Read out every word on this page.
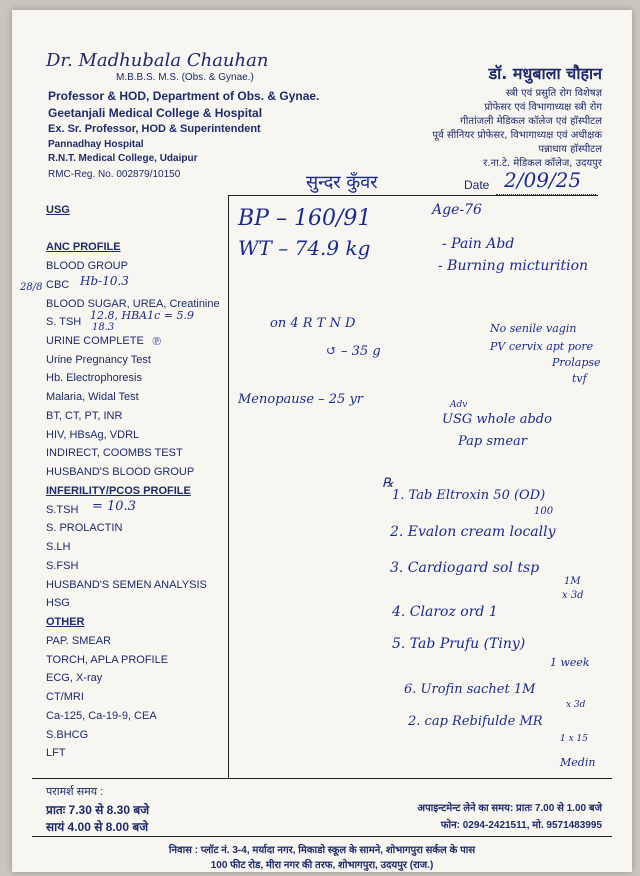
Dr. Madhubala Chauhan
M.B.B.S. M.S. (Obs. & Gynae.)
Professor & HOD, Department of Obs. & Gynae.
Geetanjali Medical College & Hospital
Ex. Sr. Professor, HOD & Superintendent
Pannadhay Hospital
R.N.T. Medical College, Udaipur
RMC-Reg. No. 002879/10150
डॉ. मधुबाला चौहान
स्त्री एवं प्रसुति रोग विशेषज्ञ
प्रोफेसर एवं विभागाध्यक्ष स्त्री रोग
गीतांजली मेडिकल कॉलेज एवं हॉस्पीटल
पूर्व सीनियर प्रोफेसर, विभागाध्यक्ष एवं अधीक्षक
पन्नाधाय हॉस्पीटल
र.ना.टे. मेडिकल कॉलेज, उदयपुर
सुन्दर कुँवर	Date 2/09/25
USG
ANC PROFILE
BLOOD GROUP
CBC
BLOOD SUGAR, UREA, Creatinine
S. TSH
URINE COMPLETE
Urine Pregnancy Test
Hb. Electrophoresis
Malaria, Widal Test
BT, CT, PT, INR
HIV, HBsAg, VDRL
INDIRECT, COOMBS TEST
HUSBAND'S BLOOD GROUP
INFERILITY/PCOS PROFILE
S.TSH
S. PROLACTIN
S.LH
S.FSH
HUSBAND'S SEMEN ANALYSIS
HSG
OTHER
PAP. SMEAR
TORCH, APLA PROFILE
ECG, X-ray
CT/MRI
Ca-125, Ca-19-9, CEA
S.BHCG
LFT
28/8	Hb-10.3
12.8, HBA1c = 5.9
18.3
℗
= 10.3
BP – 160/91
WT – 74.9 kg
Age-76
- Pain Abd
- Burning micturition
on 4 R T N D
↺ – 35 g
No senile vagin
PV cervix apt pore
Prolapse
tvf
Menopause – 25 yr	Adv
USG whole abdo
Pap smear
℞
1. Tab Eltroxin 50 (OD)
100
2. Evalon cream locally
3. Cardiogard sol tsp
1M
4. Claroz ord 1
x 3d
5. Tab Prufu (Tiny)
1 week
6. Urofin sachet 1M
x 3d
2. cap Rebifulde MR
1 x 15
Medin
परामर्श समय :
प्रातः 7.30 से 8.30 बजे
सायं 4.00 से 8.00 बजे
अपाइन्टमेन्ट लेने का समय: प्रातः 7.00 से 1.00 बजे
फोन: 0294-2421511, मो. 9571483995
निवास : प्लॉट नं. 3-4, मर्यादा नगर, मिकाडो स्कूल के सामने, शोभागपुरा सर्कल के पास
100 फीट रोड, मीरा नगर की तरफ, शोभागपुरा, उदयपुर (राज.)
